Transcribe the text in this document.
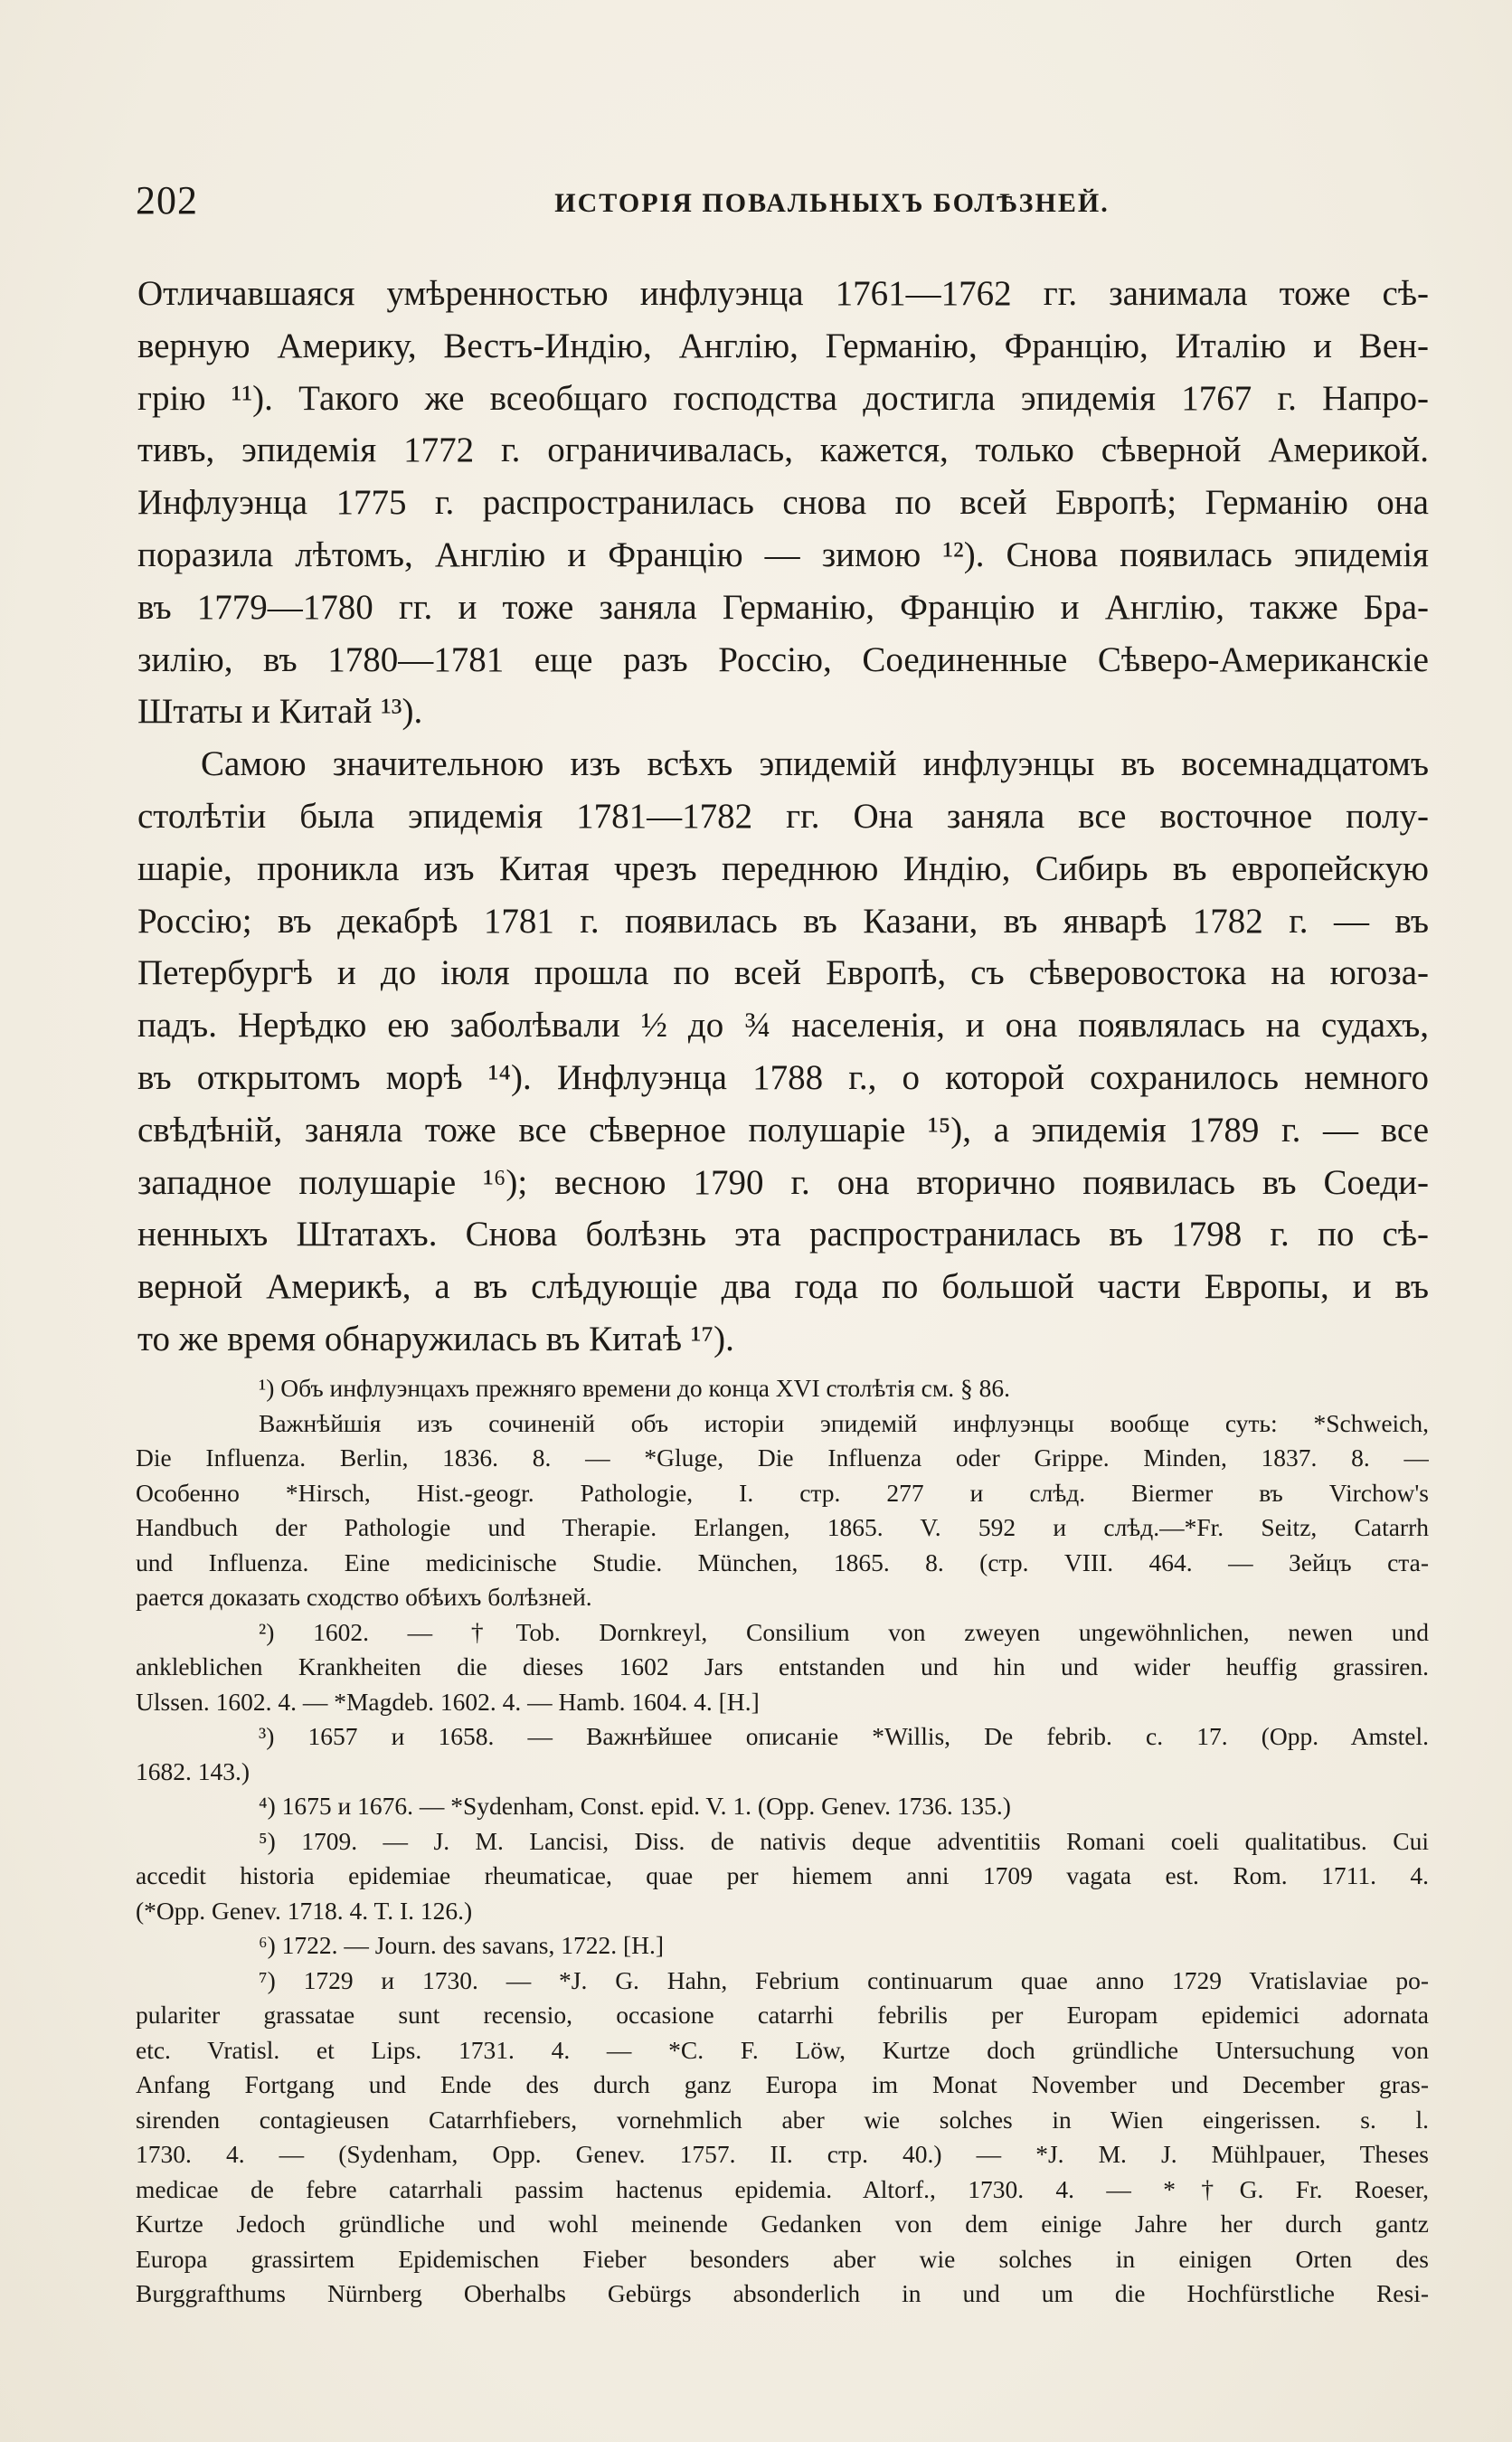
202	ИСТОРІЯ ПОВАЛЬНЫХЪ БОЛѢЗНЕЙ.
Отличавшаяся умѣренностью инфлуэнца 1761—1762 гг. занимала тоже сѣ-
верную Америку, Вестъ-Индію, Англію, Германію, Францію, Италію и Вен-
грію ¹¹). Такого же всеобщаго господства достигла эпидемія 1767 г. Напро-
тивъ, эпидемія 1772 г. ограничивалась, кажется, только сѣверной Америкой.
Инфлуэнца 1775 г. распространилась снова по всей Европѣ; Германію она
поразила лѣтомъ, Англію и Францію — зимою ¹²). Снова появилась эпидемія
въ 1779—1780 гг. и тоже заняла Германію, Францію и Англію, также Бра-
зилію, въ 1780—1781 еще разъ Россію, Соединенные Сѣверо-Американскіе
Штаты и Китай ¹³).
Самою значительною изъ всѣхъ эпидемій инфлуэнцы въ восемнадцатомъ
столѣтіи была эпидемія 1781—1782 гг. Она заняла все восточное полу-
шаріе, проникла изъ Китая чрезъ переднюю Индію, Сибирь въ европейскую
Россію; въ декабрѣ 1781 г. появилась въ Казани, въ январѣ 1782 г. — въ
Петербургѣ и до іюля прошла по всей Европѣ, съ сѣверовостока на югоза-
падъ. Нерѣдко ею заболѣвали ½ до ¾ населенія, и она появлялась на судахъ,
въ открытомъ морѣ ¹⁴). Инфлуэнца 1788 г., о которой сохранилось немного
свѣдѣній, заняла тоже все сѣверное полушаріе ¹⁵), а эпидемія 1789 г. — все
западное полушаріе ¹⁶); весною 1790 г. она вторично появилась въ Соеди-
ненныхъ Штатахъ. Снова болѣзнь эта распространилась въ 1798 г. по сѣ-
верной Америкѣ, а въ слѣдующіе два года по большой части Европы, и въ
то же время обнаружилась въ Китаѣ ¹⁷).
¹) Объ инфлуэнцахъ прежняго времени до конца XVI столѣтія см. § 86.
Важнѣйшія изъ сочиненій объ исторіи эпидемій инфлуэнцы вообще суть: *Schweich,
Die Influenza. Berlin, 1836. 8. — *Gluge, Die Influenza oder Grippe. Minden, 1837. 8. —
Особенно *Hirsch, Hist.-geogr. Pathologie, I. стр. 277 и слѣд. Biermer въ Virchow's
Handbuch der Pathologie und Therapie. Erlangen, 1865. V. 592 и слѣд.—*Fr. Seitz, Catarrh
und Influenza. Eine medicinische Studie. München, 1865. 8. (стр. VIII. 464. — Зейцъ ста-
рается доказать сходство обѣихъ болѣзней.
²) 1602. — †Tob. Dornkreyl, Consilium von zweyen ungewöhnlichen, newen und
ankleblichen Krankheiten die dieses 1602 Jars entstanden und hin und wider heuffig grassiren.
Ulssen. 1602. 4. — *Magdeb. 1602. 4. — Hamb. 1604. 4. [H.]
³) 1657 и 1658. — Важнѣйшее описаніе *Willis, De febrib. c. 17. (Opp. Amstel.
1682. 143.)
⁴) 1675 и 1676. — *Sydenham, Const. epid. V. 1. (Opp. Genev. 1736. 135.)
⁵) 1709. — J. M. Lancisi, Diss. de nativis deque adventitiis Romani coeli qualitatibus. Cui
accedit historia epidemiae rheumaticae, quae per hiemem anni 1709 vagata est. Rom. 1711. 4.
(*Opp. Genev. 1718. 4. T. I. 126.)
⁶) 1722. — Journ. des savans, 1722. [H.]
⁷) 1729 и 1730. — *J. G. Hahn, Febrium continuarum quae anno 1729 Vratislaviae po-
pulariter grassatae sunt recensio, occasione catarrhi febrilis per Europam epidemici adornata
etc. Vratisl. et Lips. 1731. 4. — *C. F. Löw, Kurtze doch gründliche Untersuchung von
Anfang Fortgang und Ende des durch ganz Europa im Monat November und December gras-
sirenden contagieusen Catarrhfiebers, vornehmlich aber wie solches in Wien eingerissen. s. l.
1730. 4. — (Sydenham, Opp. Genev. 1757. II. стр. 40.) — *J. M. J. Mühlpauer, Theses
medicae de febre catarrhali passim hactenus epidemia. Altorf., 1730. 4. — *†G. Fr. Roeser,
Kurtze Jedoch gründliche und wohl meinende Gedanken von dem einige Jahre her durch gantz
Europa grassirtem Epidemischen Fieber besonders aber wie solches in einigen Orten des
Burggrafthums Nürnberg Oberhalbs Gebürgs absonderlich in und um die Hochfürstliche Resi-
